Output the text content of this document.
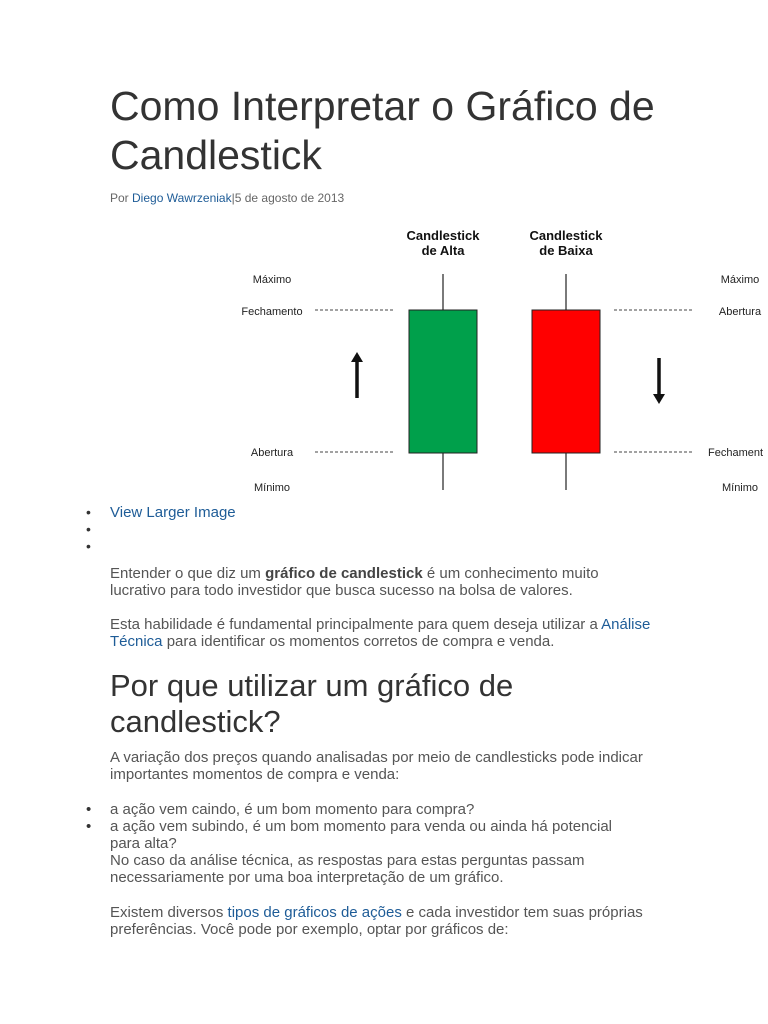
Como Interpretar o Gráfico de Candlestick
Por Diego Wawrzeniak|5 de agosto de 2013
Candlestick
de Alta
Candlestick
de Baixa
Máximo
Fechamento
Abertura
Mínimo
Máximo
Abertura
Fechament
Mínimo
• View Larger Image
•
•

Entender o que diz um gráfico de candlestick é um conhecimento muito lucrativo para todo investidor que busca sucesso na bolsa de valores.

Esta habilidade é fundamental principalmente para quem deseja utilizar a Análise Técnica para identificar os momentos corretos de compra e venda.

Por que utilizar um gráfico de candlestick?

A variação dos preços quando analisadas por meio de candlesticks pode indicar importantes momentos de compra e venda:

• a ação vem caindo, é um bom momento para compra?
• a ação vem subindo, é um bom momento para venda ou ainda há potencial para alta?

No caso da análise técnica, as respostas para estas perguntas passam necessariamente por uma boa interpretação de um gráfico.

Existem diversos tipos de gráficos de ações e cada investidor tem suas próprias preferências. Você pode por exemplo, optar por gráficos de:
